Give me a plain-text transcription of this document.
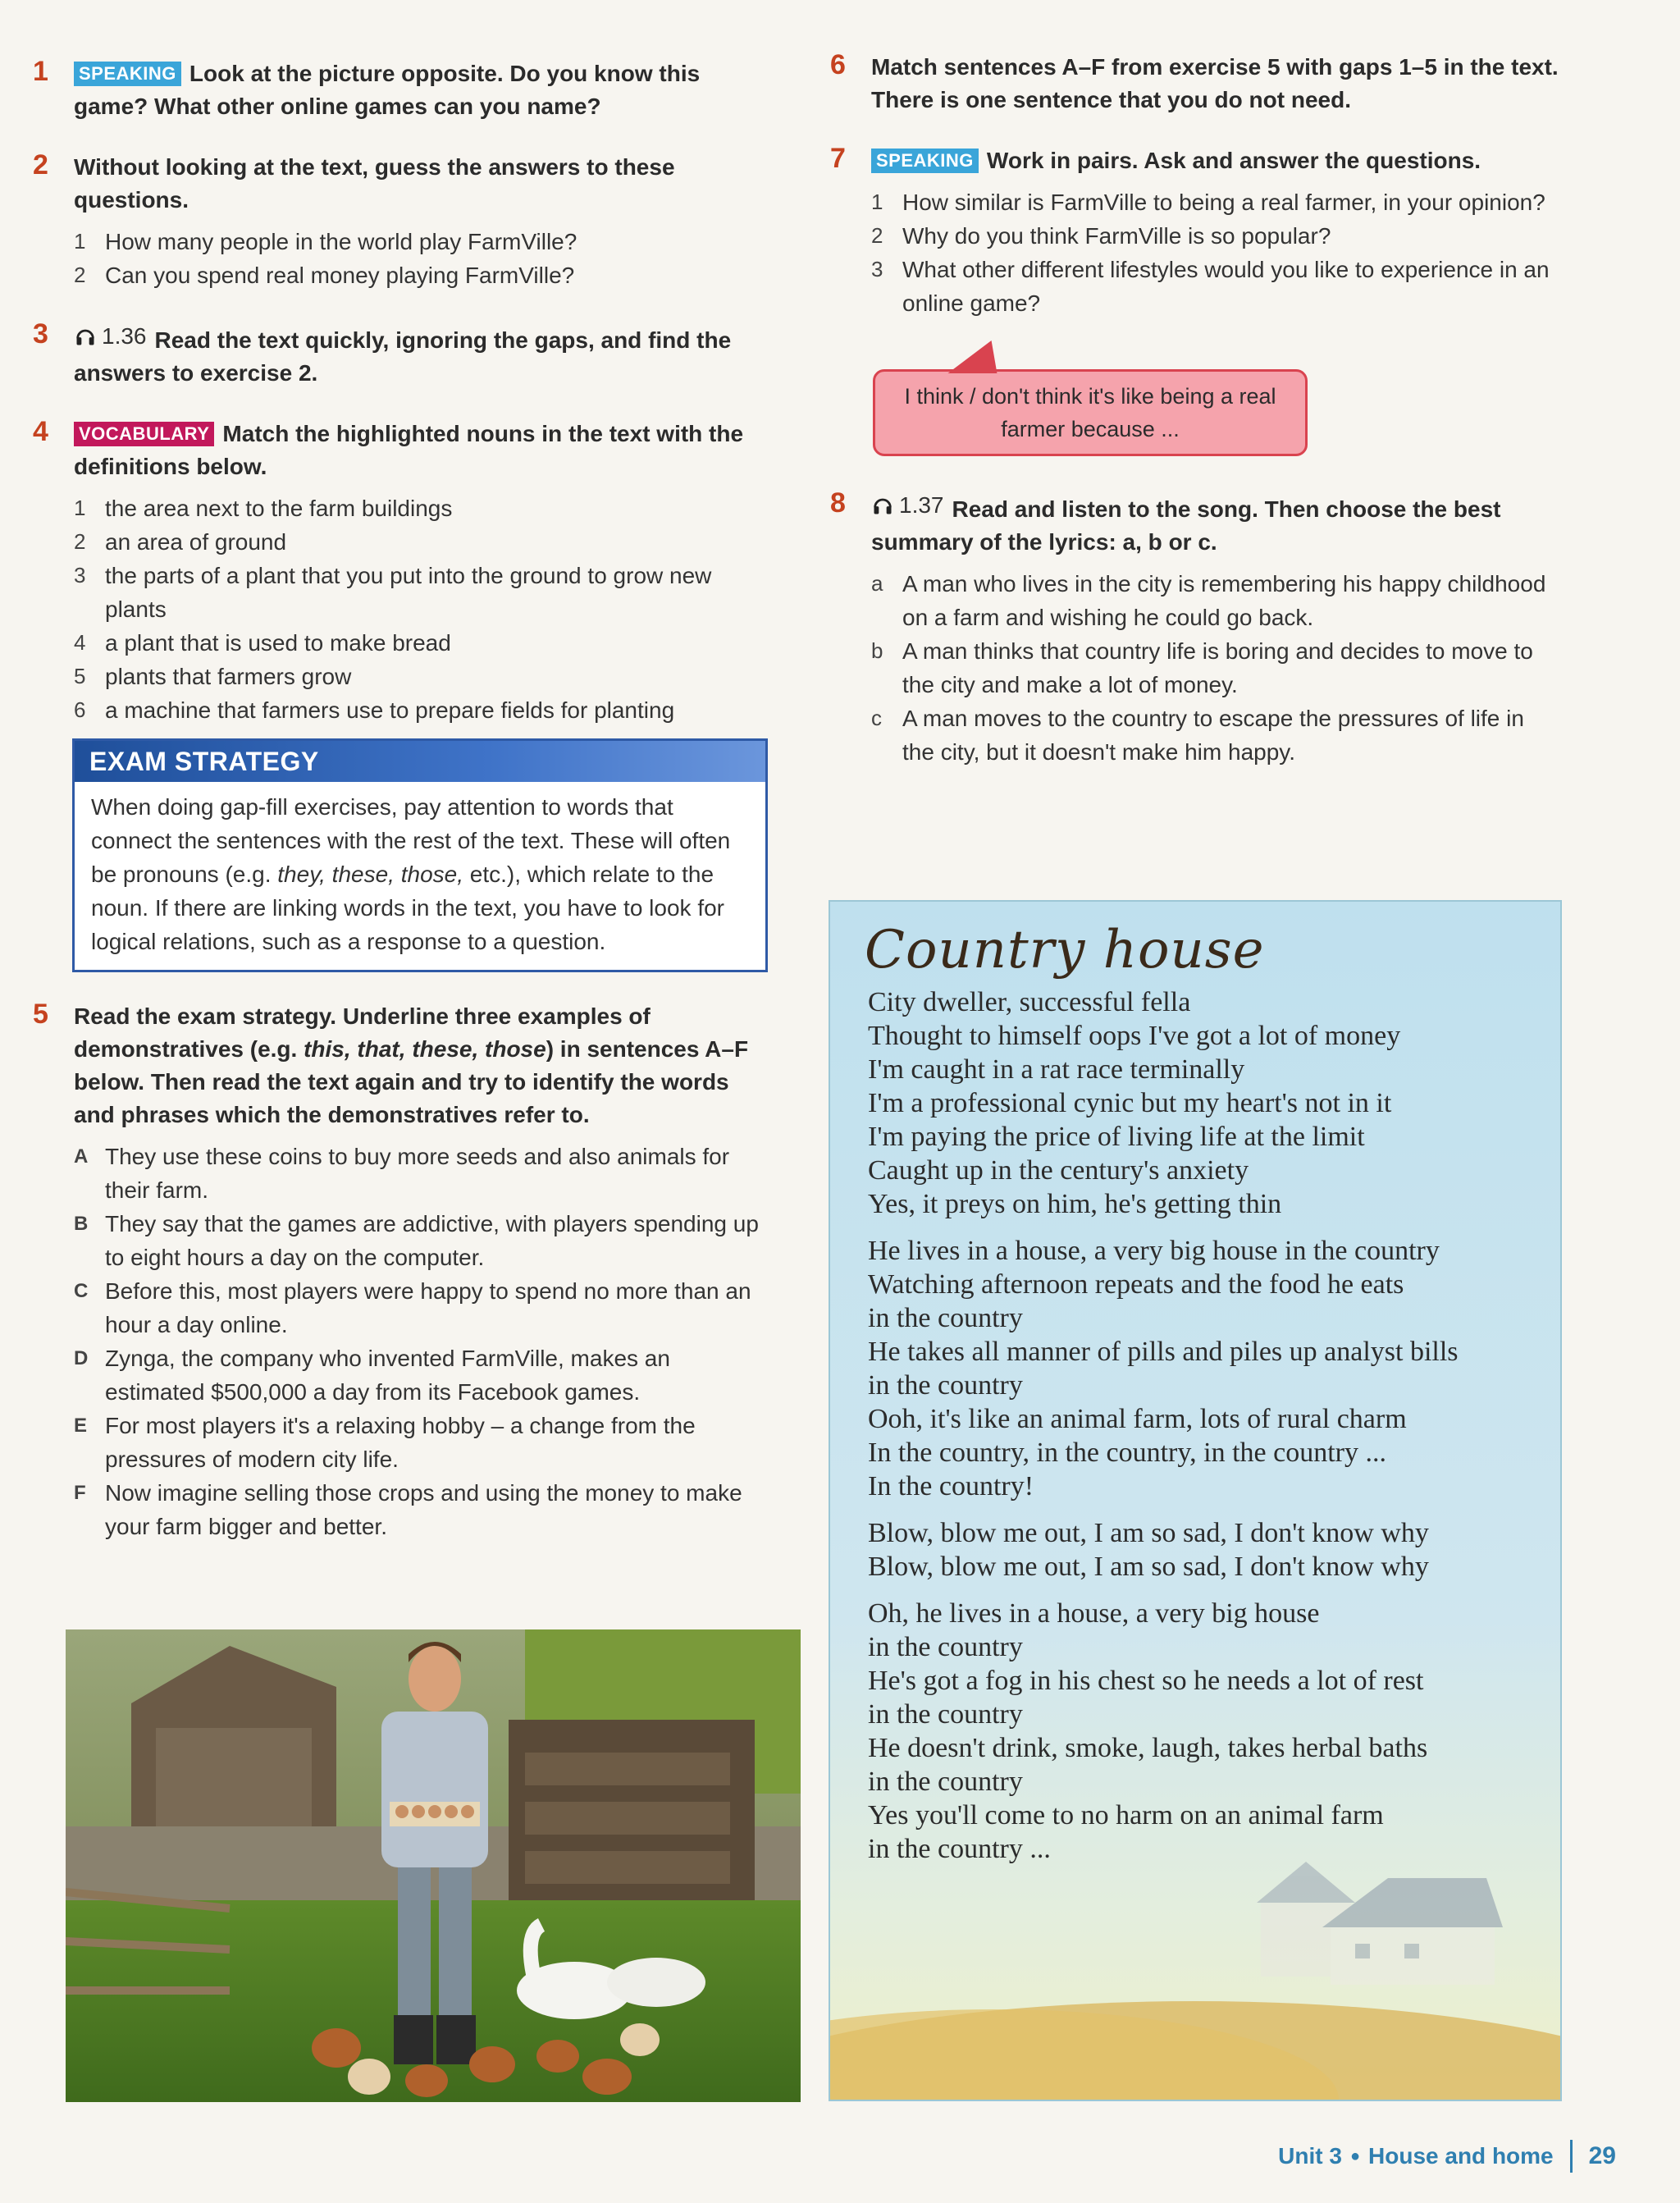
1 SPEAKING Look at the picture opposite. Do you know this game? What other online games can you name?
2 Without looking at the text, guess the answers to these questions.
1 How many people in the world play FarmVille?
2 Can you spend real money playing FarmVille?
3 1.36 Read the text quickly, ignoring the gaps, and find the answers to exercise 2.
4 VOCABULARY Match the highlighted nouns in the text with the definitions below.
1 the area next to the farm buildings
2 an area of ground
3 the parts of a plant that you put into the ground to grow new plants
4 a plant that is used to make bread
5 plants that farmers grow
6 a machine that farmers use to prepare fields for planting
EXAM STRATEGY
When doing gap-fill exercises, pay attention to words that connect the sentences with the rest of the text. These will often be pronouns (e.g. they, these, those, etc.), which relate to the noun. If there are linking words in the text, you have to look for logical relations, such as a response to a question.
5 Read the exam strategy. Underline three examples of demonstratives (e.g. this, that, these, those) in sentences A–F below. Then read the text again and try to identify the words and phrases which the demonstratives refer to.
A They use these coins to buy more seeds and also animals for their farm.
B They say that the games are addictive, with players spending up to eight hours a day on the computer.
C Before this, most players were happy to spend no more than an hour a day online.
D Zynga, the company who invented FarmVille, makes an estimated $500,000 a day from its Facebook games.
E For most players it's a relaxing hobby – a change from the pressures of modern city life.
F Now imagine selling those crops and using the money to make your farm bigger and better.
6 Match sentences A–F from exercise 5 with gaps 1–5 in the text. There is one sentence that you do not need.
7 SPEAKING Work in pairs. Ask and answer the questions.
1 How similar is FarmVille to being a real farmer, in your opinion?
2 Why do you think FarmVille is so popular?
3 What other different lifestyles would you like to experience in an online game?
I think / don't think it's like being a real farmer because ...
8 1.37 Read and listen to the song. Then choose the best summary of the lyrics: a, b or c.
a A man who lives in the city is remembering his happy childhood on a farm and wishing he could go back.
b A man thinks that country life is boring and decides to move to the city and make a lot of money.
c A man moves to the country to escape the pressures of life in the city, but it doesn't make him happy.
Country house
City dweller, successful fella
Thought to himself oops I've got a lot of money
I'm caught in a rat race terminally
I'm a professional cynic but my heart's not in it
I'm paying the price of living life at the limit
Caught up in the century's anxiety
Yes, it preys on him, he's getting thin
He lives in a house, a very big house in the country
Watching afternoon repeats and the food he eats
in the country
He takes all manner of pills and piles up analyst bills
in the country
Ooh, it's like an animal farm, lots of rural charm
In the country, in the country, in the country ...
In the country!
Blow, blow me out, I am so sad, I don't know why
Blow, blow me out, I am so sad, I don't know why
Oh, he lives in a house, a very big house
in the country
He's got a fog in his chest so he needs a lot of rest
in the country
He doesn't drink, smoke, laugh, takes herbal baths
in the country
Yes you'll come to no harm on an animal farm
in the country ...
Unit 3 ● House and home 29
